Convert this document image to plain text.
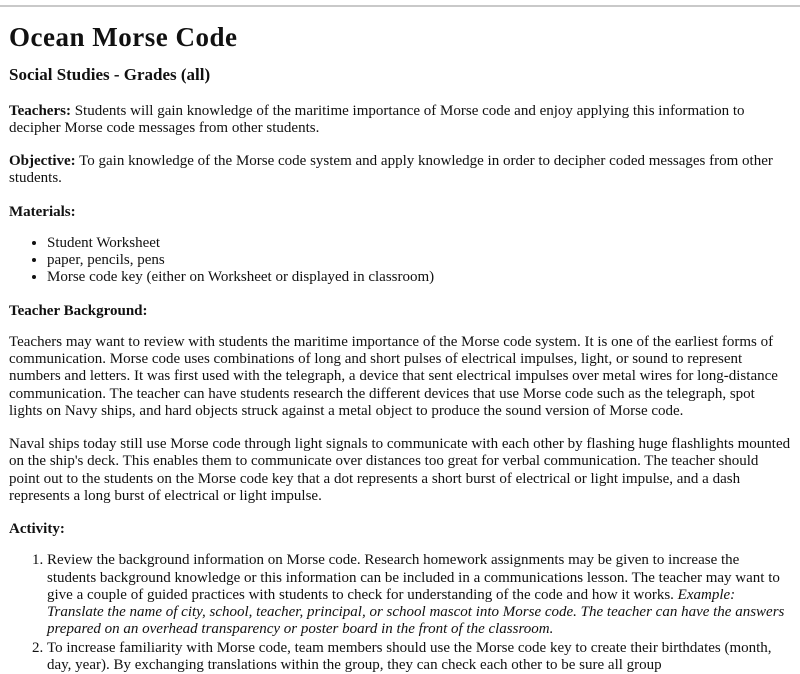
Ocean Morse Code
Social Studies - Grades (all)

Teachers: Students will gain knowledge of the maritime importance of Morse code and enjoy applying this information to decipher Morse code messages from other students.

Objective: To gain knowledge of the Morse code system and apply knowledge in order to decipher coded messages from other students.

Materials:

• Student Worksheet
• paper, pencils, pens
• Morse code key (either on Worksheet or displayed in classroom)

Teacher Background:

Teachers may want to review with students the maritime importance of the Morse code system. It is one of the earliest forms of communication. Morse code uses combinations of long and short pulses of electrical impulses, light, or sound to represent numbers and letters. It was first used with the telegraph, a device that sent electrical impulses over metal wires for long-distance communication. The teacher can have students research the different devices that use Morse code such as the telegraph, spot lights on Navy ships, and hard objects struck against a metal object to produce the sound version of Morse code.

Naval ships today still use Morse code through light signals to communicate with each other by flashing huge flashlights mounted on the ship's deck. This enables them to communicate over distances too great for verbal communication. The teacher should point out to the students on the Morse code key that a dot represents a short burst of electrical or light impulse, and a dash represents a long burst of electrical or light impulse.

Activity:

1. Review the background information on Morse code. Research homework assignments may be given to increase the students background knowledge or this information can be included in a communications lesson. The teacher may want to give a couple of guided practices with students to check for understanding of the code and how it works. Example: Translate the name of city, school, teacher, principal, or school mascot into Morse code. The teacher can have the answers prepared on an overhead transparency or poster board in the front of the classroom.
2. To increase familiarity with Morse code, team members should use the Morse code key to create their birthdates (month, day, year). By exchanging translations within the group, they can check each other to be sure all group
